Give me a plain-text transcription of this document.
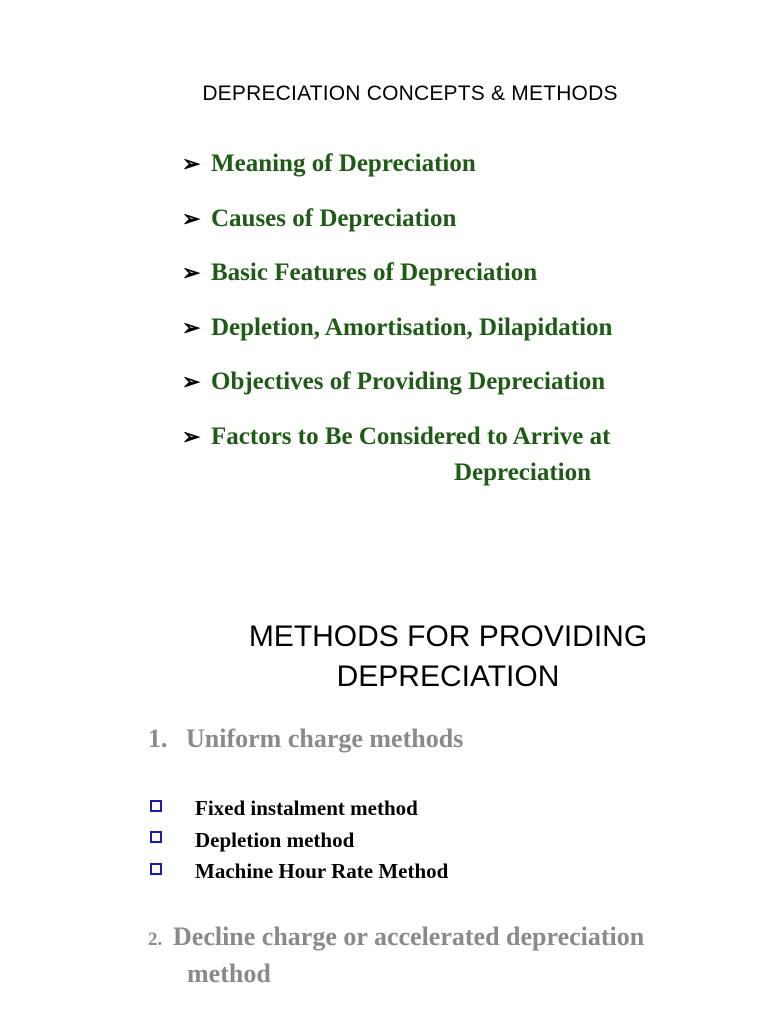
DEPRECIATION CONCEPTS & METHODS
➢ Meaning of Depreciation
➢ Causes of Depreciation
➢ Basic Features of Depreciation
➢ Depletion, Amortisation, Dilapidation
➢ Objectives of Providing Depreciation
➢ Factors to Be Considered to Arrive at
Depreciation
METHODS FOR PROVIDING
DEPRECIATION
1. Uniform charge methods
Fixed instalment method
Depletion method
Machine Hour Rate Method
2. Decline charge or accelerated depreciation
method
